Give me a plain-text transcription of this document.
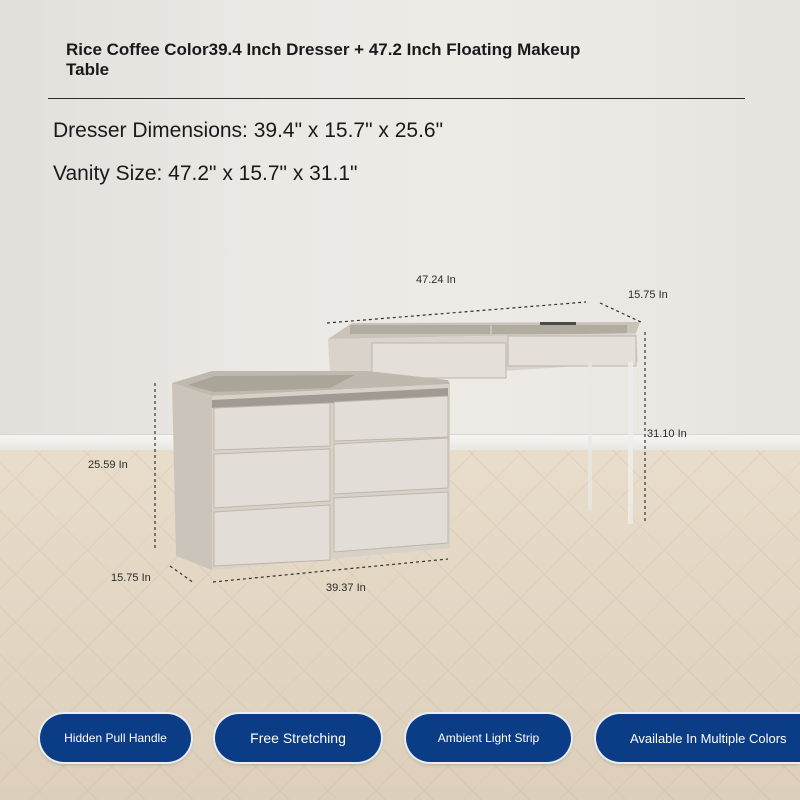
Rice Coffee Color39.4 Inch Dresser + 47.2 Inch Floating Makeup Table
Dresser Dimensions: 39.4" x 15.7" x 25.6"
Vanity Size: 47.2" x 15.7" x 31.1"
47.24 In
15.75 In
31.10 In
25.59 In
15.75 In
39.37 In
Hidden Pull Handle	Free Stretching	Ambient Light Strip	Available In Multiple Colors
